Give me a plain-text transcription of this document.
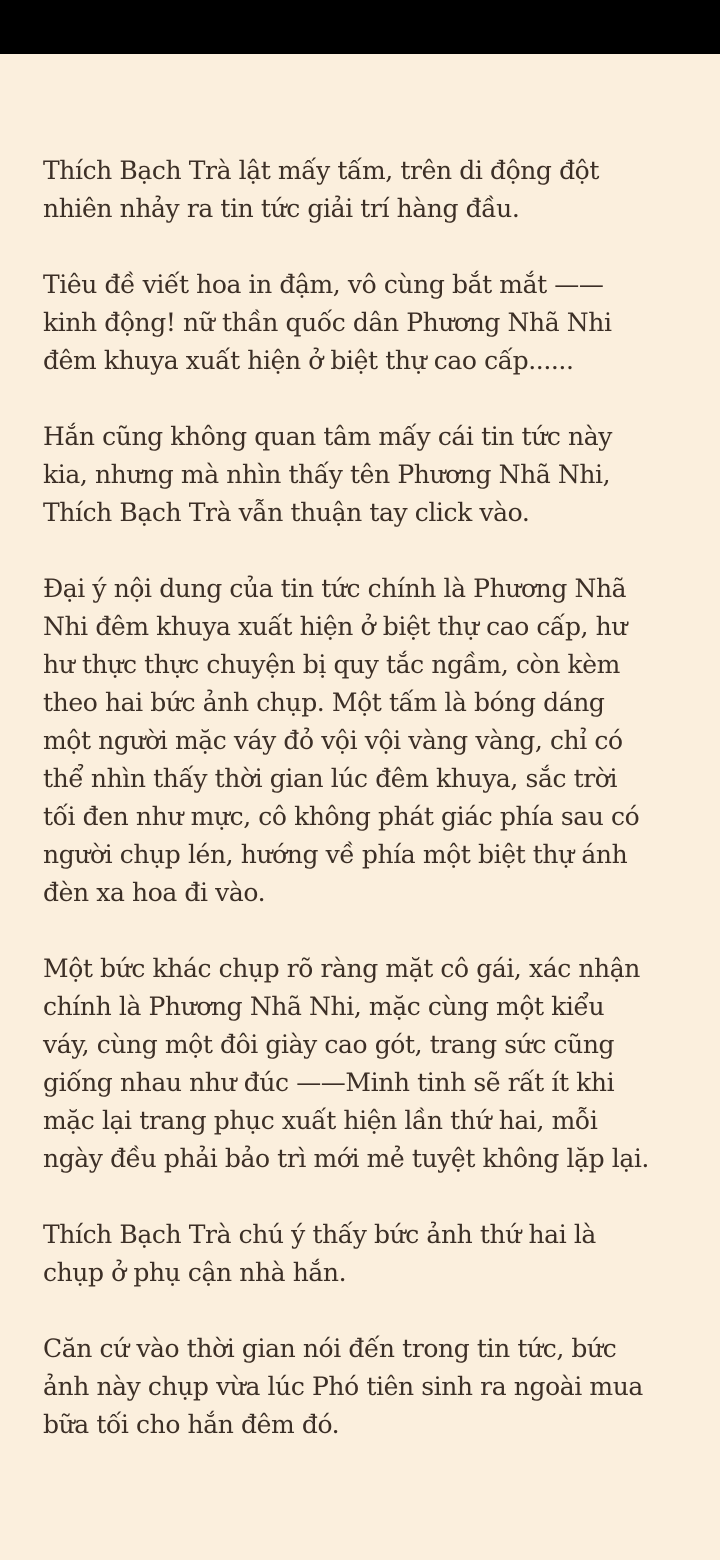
Thích Bạch Trà lật mấy tấm, trên di động đột
nhiên nhảy ra tin tức giải trí hàng đầu.

Tiêu đề viết hoa in đậm, vô cùng bắt mắt ——
kinh động! nữ thần quốc dân Phương Nhã Nhi
đêm khuya xuất hiện ở biệt thự cao cấp......

Hắn cũng không quan tâm mấy cái tin tức này
kia, nhưng mà nhìn thấy tên Phương Nhã Nhi,
Thích Bạch Trà vẫn thuận tay click vào.

Đại ý nội dung của tin tức chính là Phương Nhã
Nhi đêm khuya xuất hiện ở biệt thự cao cấp, hư
hư thực thực chuyện bị quy tắc ngầm, còn kèm
theo hai bức ảnh chụp. Một tấm là bóng dáng
một người mặc váy đỏ vội vội vàng vàng, chỉ có
thể nhìn thấy thời gian lúc đêm khuya, sắc trời
tối đen như mực, cô không phát giác phía sau có
người chụp lén, hướng về phía một biệt thự ánh
đèn xa hoa đi vào.

Một bức khác chụp rõ ràng mặt cô gái, xác nhận
chính là Phương Nhã Nhi, mặc cùng một kiểu
váy, cùng một đôi giày cao gót, trang sức cũng
giống nhau như đúc ——Minh tinh sẽ rất ít khi
mặc lại trang phục xuất hiện lần thứ hai, mỗi
ngày đều phải bảo trì mới mẻ tuyệt không lặp lại.

Thích Bạch Trà chú ý thấy bức ảnh thứ hai là
chụp ở phụ cận nhà hắn.

Căn cứ vào thời gian nói đến trong tin tức, bức
ảnh này chụp vừa lúc Phó tiên sinh ra ngoài mua
bữa tối cho hắn đêm đó.
